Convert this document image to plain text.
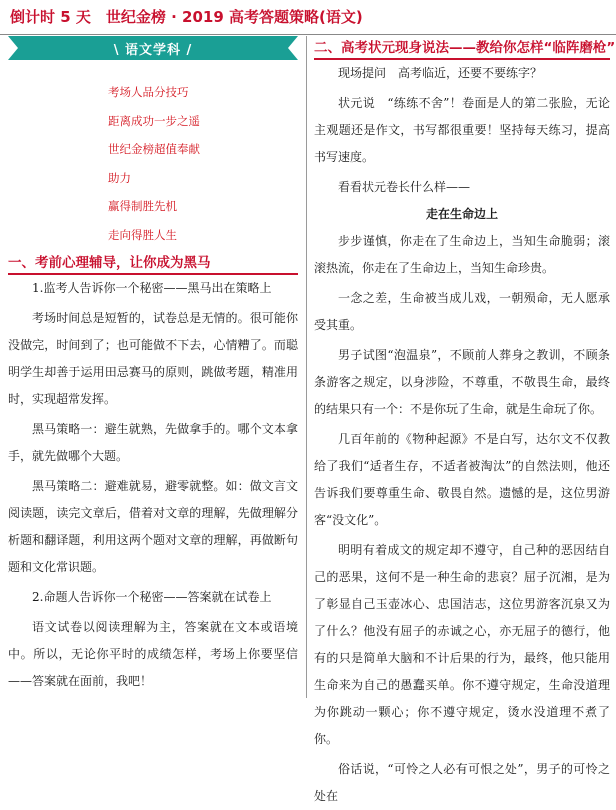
倒计时 5 天　世纪金榜 · 2019 高考答题策略(语文)
\ 语文学科 /
考场人品分技巧
距离成功一步之遥
世纪金榜超值奉献
助力
赢得制胜先机
走向得胜人生
一、考前心理辅导，让你成为黑马

1.监考人告诉你一个秘密——黑马出在策略上

考场时间总是短暂的，试卷总是无情的。很可能你没做完，时间到了；也可能做不下去，心情糟了。而聪明学生却善于运用田忌赛马的原则，跳做考题，精准用时，实现超常发挥。

黑马策略一：避生就熟，先做拿手的。哪个文本拿手，就先做哪个大题。

黑马策略二：避难就易，避零就整。如：做文言文阅读题，读完文章后，借着对文章的理解，先做理解分析题和翻译题，利用这两个题对文章的理解，再做断句题和文化常识题。

2.命题人告诉你一个秘密——答案就在试卷上

语文试卷以阅读理解为主，答案就在文本或语境中。所以，无论你平时的成绩怎样，考场上你要坚信——答案就在面前，我吧！

二、高考状元现身说法——教给你怎样“临阵磨枪”

现场提问　高考临近，还要不要练字？

状元说　“练练不舍”！卷面是人的第二张脸，无论主观题还是作文，书写都很重要！坚持每天练习，提高书写速度。

看看状元卷长什么样——

走在生命边上

步步谨慎，你走在了生命边上，当知生命脆弱；滚滚热流，你走在了生命边上，当知生命珍贵。

一念之差，生命被当成儿戏，一朝殒命，无人愿承受其重。

男子试图“泡温泉”，不顾前人葬身之教训，不顾条条游客之规定，以身涉险，不尊重，不敬畏生命，最终的结果只有一个：不是你玩了生命，就是生命玩了你。

几百年前的《物种起源》不是白写，达尔文不仅教给了我们“适者生存，不适者被淘汰”的自然法则，他还告诉我们要尊重生命、敬畏自然。遗憾的是，这位男游客“没文化”。

明明有着成文的规定却不遵守，自己种的恶因结自己的恶果，这何不是一种生命的悲哀？屈子沉湘，是为了彰显自己玉壶冰心、忠国洁志，这位男游客沉泉又为了什么？他没有屈子的赤诚之心，亦无屈子的德行，他有的只是简单大脑和不计后果的行为，最终，他只能用生命来为自己的愚蠢买单。你不遵守规定，生命没道理为你跳动一颗心；你不遵守规定，烫水没道理不煮了你。

俗话说，“可怜之人必有可恨之处”，男子的可怜之处在
